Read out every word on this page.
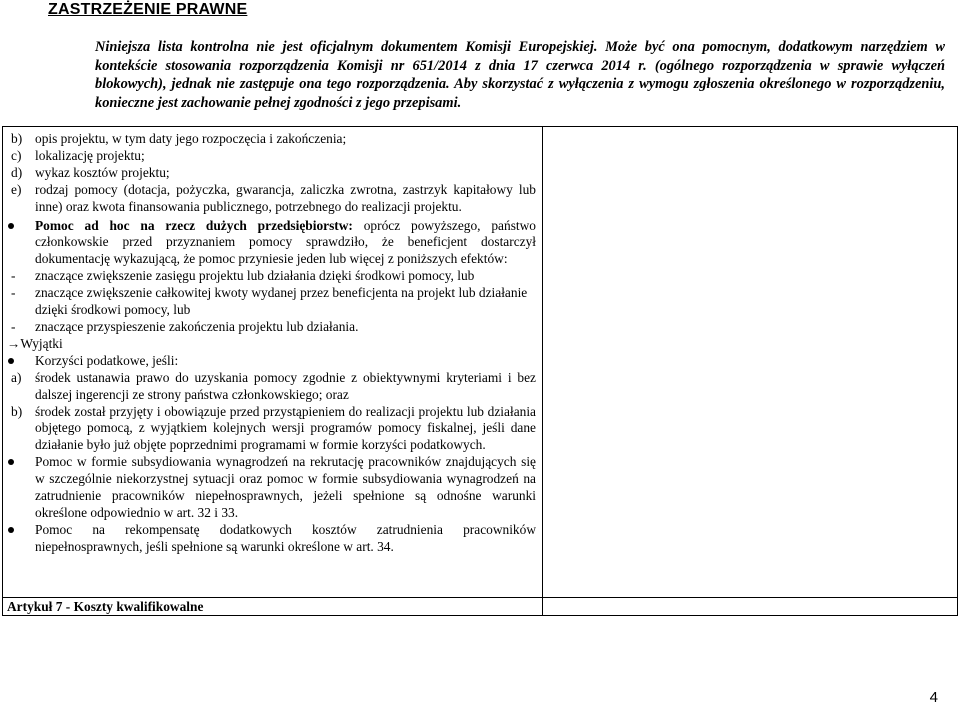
ZASTRZEŻENIE PRAWNE

Niniejsza lista kontrolna nie jest oficjalnym dokumentem Komisji Europejskiej. Może być ona pomocnym, dodatkowym narzędziem w kontekście stosowania rozporządzenia Komisji nr 651/2014 z dnia 17 czerwca 2014 r. (ogólnego rozporządzenia w sprawie wyłączeń blokowych), jednak nie zastępuje ona tego rozporządzenia. Aby skorzystać z wyłączenia z wymogu zgłoszenia określonego w rozporządzeniu, konieczne jest zachowanie pełnej zgodności z jego przepisami.

b) opis projektu, w tym daty jego rozpoczęcia i zakończenia;
c) lokalizację projektu;
d) wykaz kosztów projektu;
e) rodzaj pomocy (dotacja, pożyczka, gwarancja, zaliczka zwrotna, zastrzyk kapitałowy lub inne) oraz kwota finansowania publicznego, potrzebnego do realizacji projektu.
Pomoc ad hoc na rzecz dużych przedsiębiorstw: oprócz powyższego, państwo członkowskie przed przyznaniem pomocy sprawdziło, że beneficjent dostarczył dokumentację wykazującą, że pomoc przyniesie jeden lub więcej z poniższych efektów:
- znaczące zwiększenie zasięgu projektu lub działania dzięki środkowi pomocy, lub
- znaczące zwiększenie całkowitej kwoty wydanej przez beneficjenta na projekt lub działanie dzięki środkowi pomocy, lub
- znaczące przyspieszenie zakończenia projektu lub działania.
→Wyjątki
Korzyści podatkowe, jeśli:
a) środek ustanawia prawo do uzyskania pomocy zgodnie z obiektywnymi kryteriami i bez dalszej ingerencji ze strony państwa członkowskiego; oraz
b) środek został przyjęty i obowiązuje przed przystąpieniem do realizacji projektu lub działania objętego pomocą, z wyjątkiem kolejnych wersji programów pomocy fiskalnej, jeśli dane działanie było już objęte poprzednimi programami w formie korzyści podatkowych.
Pomoc w formie subsydiowania wynagrodzeń na rekrutację pracowników znajdujących się w szczególnie niekorzystnej sytuacji oraz pomoc w formie subsydiowania wynagrodzeń na zatrudnienie pracowników niepełnosprawnych, jeżeli spełnione są odnośne warunki określone odpowiednio w art. 32 i 33.
Pomoc na rekompensatę dodatkowych kosztów zatrudnienia pracowników niepełnosprawnych, jeśli spełnione są warunki określone w art. 34.
Artykuł 7 - Koszty kwalifikowalne
4
